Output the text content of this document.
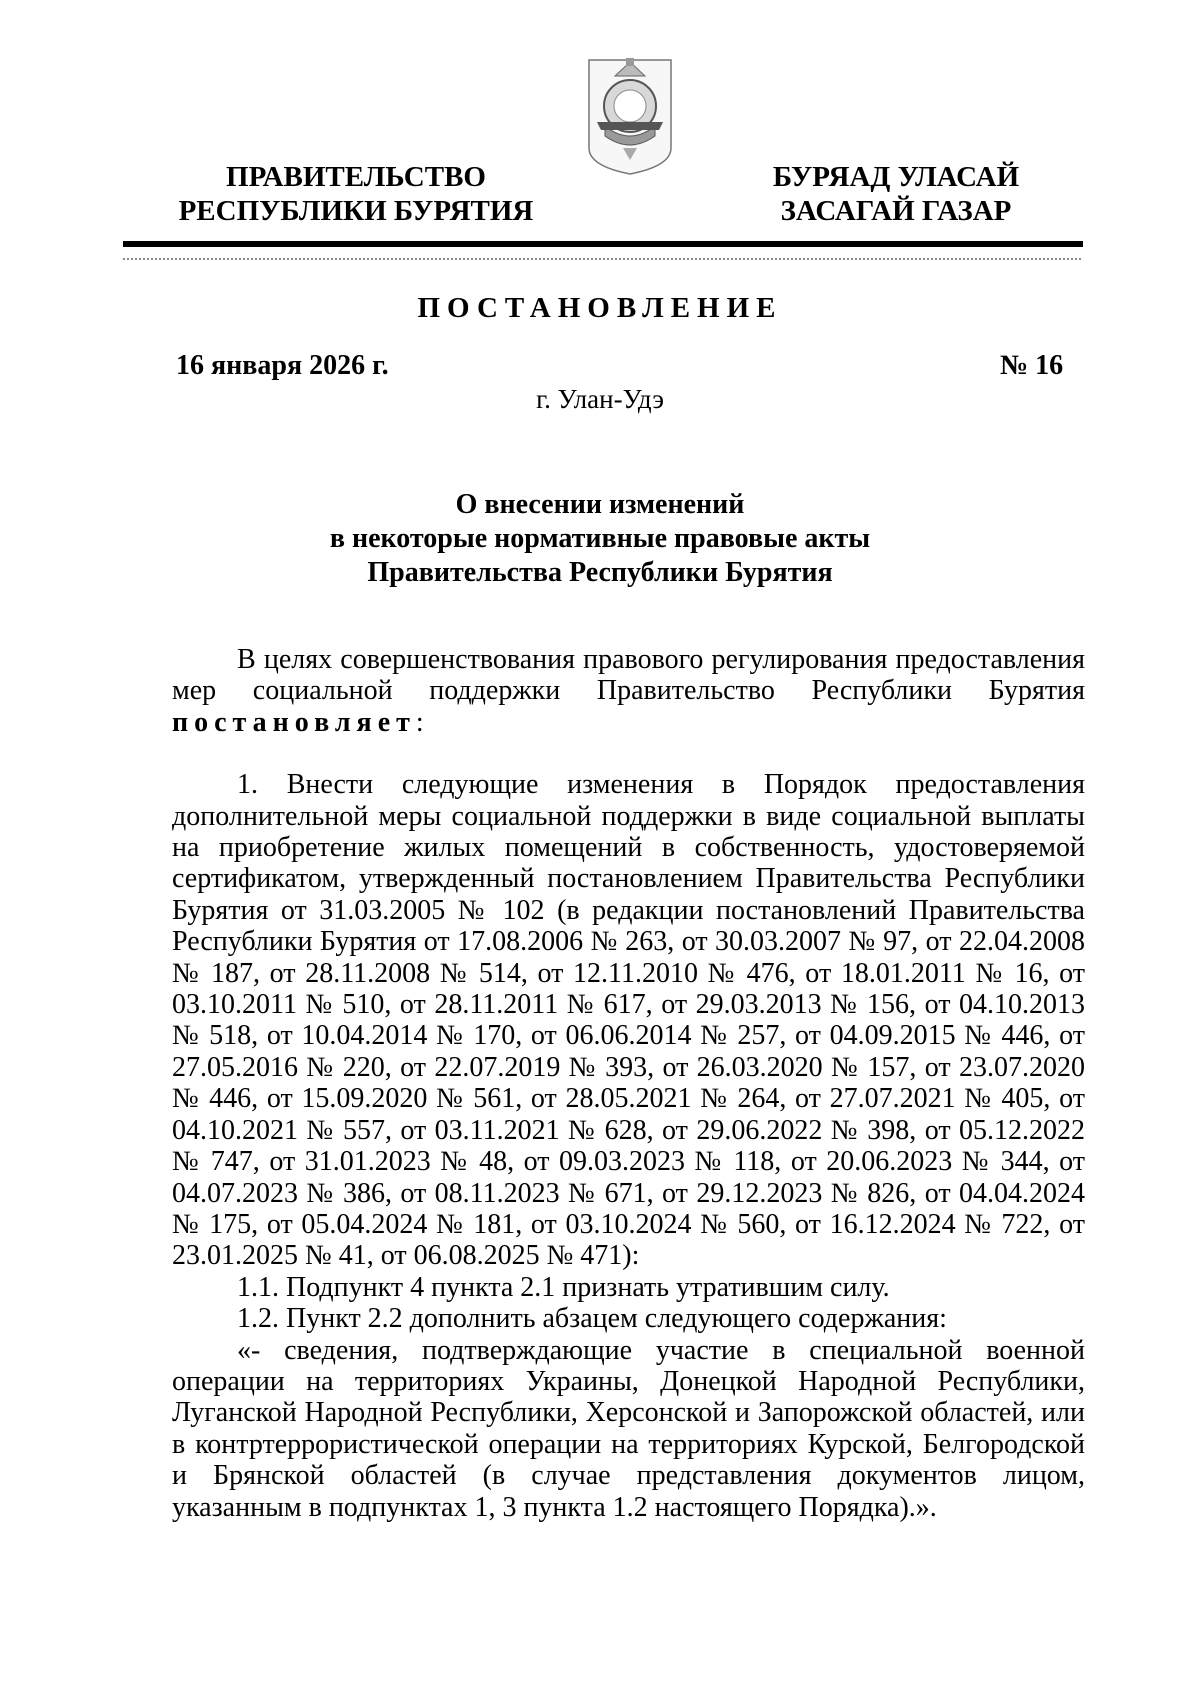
ПРАВИТЕЛЬСТВО
РЕСПУБЛИКИ БУРЯТИЯ
БУРЯАД УЛАСАЙ
ЗАСАГАЙ ГАЗАР
ПОСТАНОВЛЕНИЕ
16 января 2026 г.	№ 16
г. Улан-Удэ
О внесении изменений
в некоторые нормативные правовые акты
Правительства Республики Бурятия

В целях совершенствования правового регулирования предоставления мер социальной поддержки Правительство Республики Бурятия постановляет:

1. Внести следующие изменения в Порядок предоставления дополнительной меры социальной поддержки в виде социальной выплаты на приобретение жилых помещений в собственность, удостоверяемой сертификатом, утвержденный постановлением Правительства Республики Бурятия от 31.03.2005 № 102 (в редакции постановлений Правительства Республики Бурятия от 17.08.2006 № 263, от 30.03.2007 № 97, от 22.04.2008 № 187, от 28.11.2008 № 514, от 12.11.2010 № 476, от 18.01.2011 № 16, от 03.10.2011 № 510, от 28.11.2011 № 617, от 29.03.2013 № 156, от 04.10.2013 № 518, от 10.04.2014 № 170, от 06.06.2014 № 257, от 04.09.2015 № 446, от 27.05.2016 № 220, от 22.07.2019 № 393, от 26.03.2020 № 157, от 23.07.2020 № 446, от 15.09.2020 № 561, от 28.05.2021 № 264, от 27.07.2021 № 405, от 04.10.2021 № 557, от 03.11.2021 № 628, от 29.06.2022 № 398, от 05.12.2022 № 747, от 31.01.2023 № 48, от 09.03.2023 № 118, от 20.06.2023 № 344, от 04.07.2023 № 386, от 08.11.2023 № 671, от 29.12.2023 № 826, от 04.04.2024 № 175, от 05.04.2024 № 181, от 03.10.2024 № 560, от 16.12.2024 № 722, от 23.01.2025 № 41, от 06.08.2025 № 471):

1.1. Подпункт 4 пункта 2.1 признать утратившим силу.

1.2. Пункт 2.2 дополнить абзацем следующего содержания:

«- сведения, подтверждающие участие в специальной военной операции на территориях Украины, Донецкой Народной Республики, Луганской Народной Республики, Херсонской и Запорожской областей, или в контртеррористической операции на территориях Курской, Белгородской и Брянской областей (в случае представления документов лицом, указанным в подпунктах 1, 3 пункта 1.2 настоящего Порядка).».
